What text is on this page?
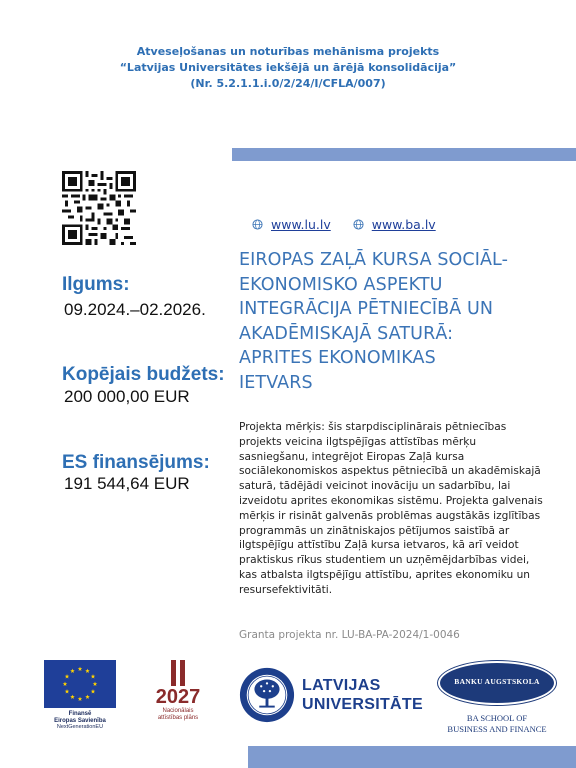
Atveseļošanas un noturības mehānisma projekts
“Latvijas Universitātes iekšējā un ārējā konsolidācija”
(Nr. 5.2.1.1.i.0/2/24/I/CFLA/007)
www.lu.lv	www.ba.lv
EIROPAS ZAĻĀ KURSA SOCIĀL-
EKONOMISKO ASPEKTU
INTEGRĀCIJA PĒTNIECĪBĀ UN
AKADĒMISKAJĀ SATURĀ:
APRITES EKONOMIKAS
IETVARS
Ilgums:
09.2024.–02.2026.
Kopējais budžets:
200 000,00 EUR
ES finansējums:
191 544,64 EUR
Projekta mērķis: šis starpdisciplinārais pētniecības
projekts veicina ilgtspējīgas attīstības mērķu
sasniegšanu, integrējot Eiropas Zaļā kursa
sociālekonomiskos aspektus pētniecībā un akadēmiskajā
saturā, tādējādi veicinot inovāciju un sadarbību, lai
izveidotu aprites ekonomikas sistēmu. Projekta galvenais
mērķis ir risināt galvenās problēmas augstākās izglītības
programmās un zinātniskajos pētījumos saistībā ar
ilgtspējīgu attīstību Zaļā kursa ietvaros, kā arī veidot
praktiskus rīkus studentiem un uzņēmējdarbības videi,
kas atbalsta ilgtspējīgu attīstību, aprites ekonomiku un
resursefektivitāti.
Granta projekta nr. LU-BA-PA-2024/1-0046
Finansē
Eiropas Savienība
NextGenerationEU
2027
Nacionālais
attīstības plāns
LATVIJAS
UNIVERSITĀTE
BANKU AUGSTSKOLA
BA SCHOOL OF
BUSINESS AND FINANCE
